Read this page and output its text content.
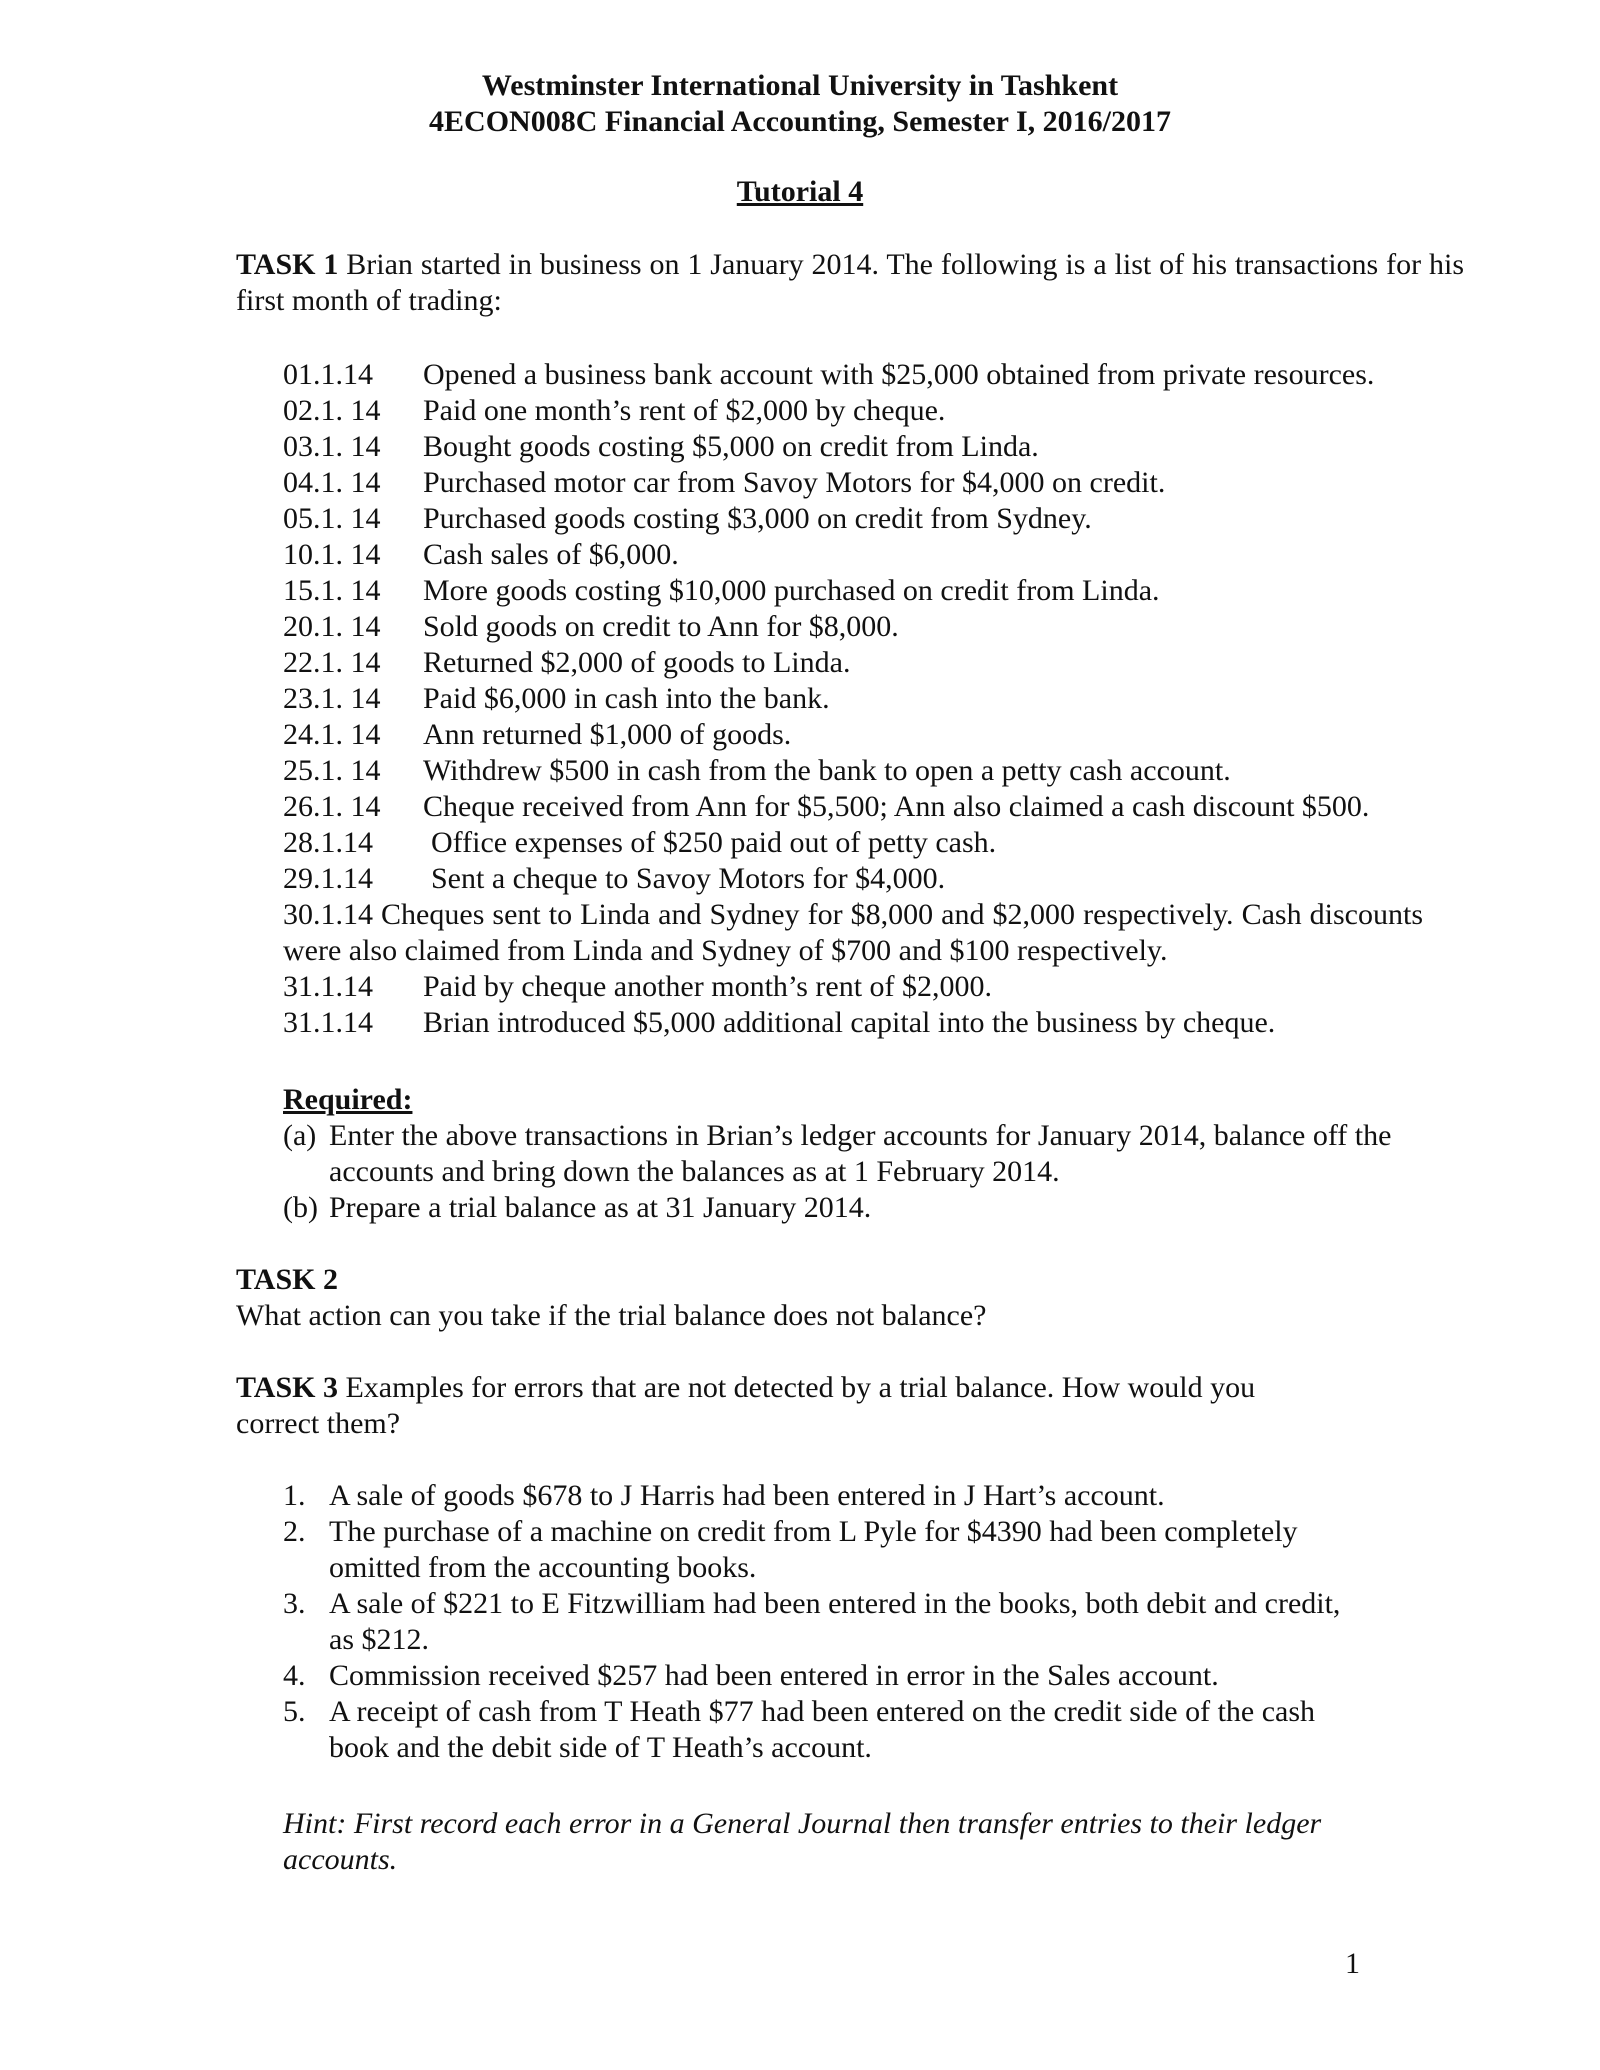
Westminster International University in Tashkent
4ECON008C Financial Accounting, Semester I, 2016/2017
Tutorial 4
TASK 1 Brian started in business on 1 January 2014. The following is a list of his transactions for his first month of trading:
01.1.14	Opened a business bank account with $25,000 obtained from private resources.
02.1. 14	Paid one month’s rent of $2,000 by cheque.
03.1. 14	Bought goods costing $5,000 on credit from Linda.
04.1. 14	Purchased motor car from Savoy Motors for $4,000 on credit.
05.1. 14	Purchased goods costing $3,000 on credit from Sydney.
10.1. 14	Cash sales of $6,000.
15.1. 14	More goods costing $10,000 purchased on credit from Linda.
20.1. 14	Sold goods on credit to Ann for $8,000.
22.1. 14	Returned $2,000 of goods to Linda.
23.1. 14	Paid $6,000 in cash into the bank.
24.1. 14	Ann returned $1,000 of goods.
25.1. 14	Withdrew $500 in cash from the bank to open a petty cash account.
26.1. 14	Cheque received from Ann for $5,500; Ann also claimed a cash discount $500.
28.1.14	Office expenses of $250 paid out of petty cash.
29.1.14	Sent a cheque to Savoy Motors for $4,000.
30.1.14 Cheques sent to Linda and Sydney for $8,000 and $2,000 respectively. Cash discounts were also claimed from Linda and Sydney of $700 and $100 respectively.
31.1.14	Paid by cheque another month’s rent of $2,000.
31.1.14	Brian introduced $5,000 additional capital into the business by cheque.
Required:
(a) Enter the above transactions in Brian’s ledger accounts for January 2014, balance off the accounts and bring down the balances as at 1 February 2014.
(b) Prepare a trial balance as at 31 January 2014.
TASK 2
What action can you take if the trial balance does not balance?
TASK 3 Examples for errors that are not detected by a trial balance. How would you correct them?
1. A sale of goods $678 to J Harris had been entered in J Hart’s account.
2. The purchase of a machine on credit from L Pyle for $4390 had been completely omitted from the accounting books.
3. A sale of $221 to E Fitzwilliam had been entered in the books, both debit and credit, as $212.
4. Commission received $257 had been entered in error in the Sales account.
5. A receipt of cash from T Heath $77 had been entered on the credit side of the cash book and the debit side of T Heath’s account.
Hint: First record each error in a General Journal then transfer entries to their ledger accounts.
1
